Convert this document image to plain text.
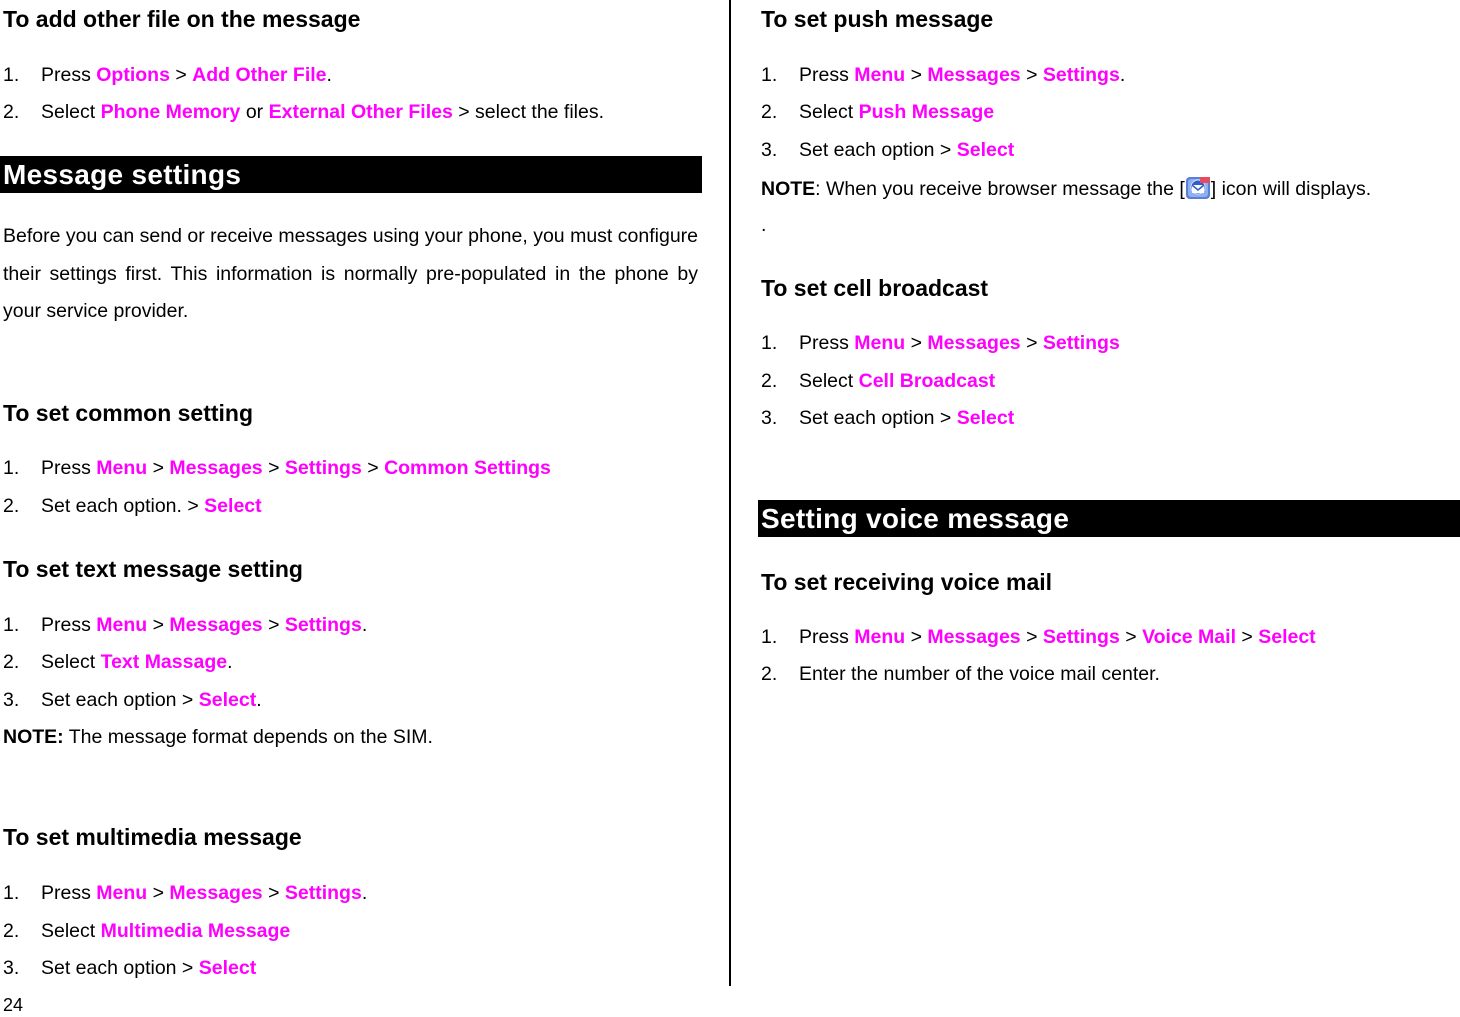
To add other file on the message
1. Press Options > Add Other File.
2. Select Phone Memory or External Other Files > select the files.
Message settings
Before you can send or receive messages using your phone, you must configure their settings first. This information is normally pre-populated in the phone by your service provider.
To set common setting
1. Press Menu > Messages > Settings > Common Settings
2. Set each option. > Select
To set text message setting
1. Press Menu > Messages > Settings.
2. Select Text Massage.
3. Set each option > Select.
NOTE: The message format depends on the SIM.
To set multimedia message
1. Press Menu > Messages > Settings.
2. Select Multimedia Message
3. Set each option > Select
24
To set push message
1. Press Menu > Messages > Settings.
2. Select Push Message
3. Set each option > Select
NOTE: When you receive browser message the [ ] icon will displays.
.
To set cell broadcast
1. Press Menu > Messages > Settings
2. Select Cell Broadcast
3. Set each option > Select
Setting voice message
To set receiving voice mail
1. Press Menu > Messages > Settings > Voice Mail > Select
2. Enter the number of the voice mail center.
